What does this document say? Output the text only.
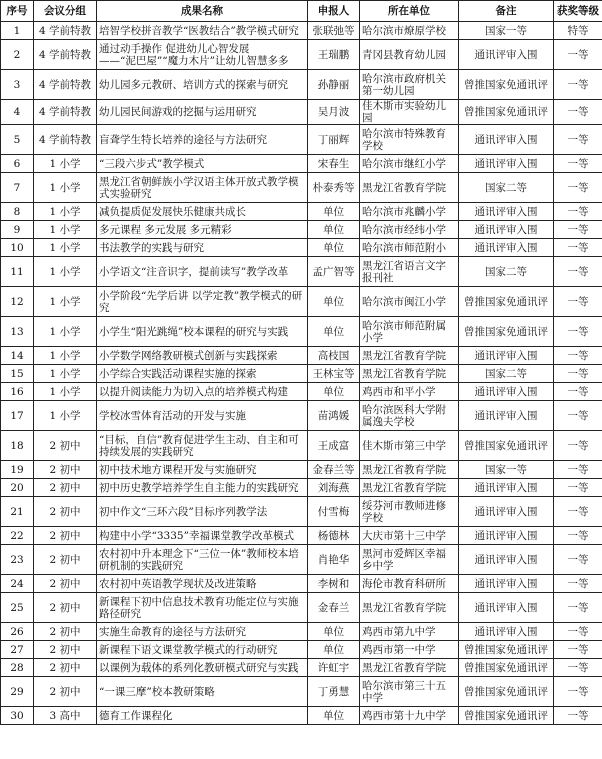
序号	会议分组	成果名称	申报人	所在单位	备注	获奖等级
1	4 学前特教	培智学校拼音教学“医教结合”教学模式研究	张联弛等	哈尔滨市燎原学校	国家一等	特等
2	4 学前特教	通过动手操作 促进幼儿心智发展
——“泥巴屋”“魔力木片”让幼儿智慧多多	王瑞鹏	青冈县教育幼儿园	通讯评审入围	一等
3	4 学前特教	幼儿园多元教研、培训方式的探索与研究	孙静丽	哈尔滨市政府机关第一幼儿园	曾推国家免通讯评	一等
4	4 学前特教	幼儿园民间游戏的挖掘与运用研究	吴月波	佳木斯市实验幼儿园	曾推国家免通讯评	一等
5	4 学前特教	盲聋学生特长培养的途径与方法研究	丁丽辉	哈尔滨市特殊教育学校	通讯评审入围	一等
6	1 小学	“三段六步式”教学模式	宋春生	哈尔滨市继红小学	通讯评审入围	一等
7	1 小学	黑龙江省朝鲜族小学汉语主体开放式教学模式实验研究	朴泰秀等	黑龙江省教育学院	国家二等	一等
8	1 小学	减负提质促发展快乐健康共成长	单位	哈尔滨市兆麟小学	通讯评审入围	一等
9	1 小学	多元课程 多元发展 多元精彩	单位	哈尔滨市经纬小学	通讯评审入围	一等
10	1 小学	书法教学的实践与研究	单位	哈尔滨市师范附小	通讯评审入围	一等
11	1 小学	小学语文“注音识字，提前读写”教学改革	孟广智等	黑龙江省语言文字报刊社	国家二等	一等
12	1 小学	小学阶段“先学后讲 以学定教”教学模式的研究	单位	哈尔滨市闽江小学	曾推国家免通讯评	一等
13	1 小学	小学生“阳光跳绳”校本课程的研究与实践	单位	哈尔滨市师范附属小学	曾推国家免通讯评	一等
14	1 小学	小学数学网络教研模式创新与实践探索	高枝国	黑龙江省教育学院	通讯评审入围	一等
15	1 小学	小学综合实践活动课程实施的探索	王林宝等	黑龙江省教育学院	国家二等	一等
16	1 小学	以提升阅读能力为切入点的培养模式构建	单位	鸡西市和平小学	通讯评审入围	一等
17	1 小学	学校冰雪体育活动的开发与实施	苗鸿媛	哈尔滨医科大学附属逸夫学校	通讯评审入围	一等
18	2 初中	“目标，自信”教育促进学生主动、自主和可持续发展的实践研究	王成富	佳木斯市第三中学	曾推国家免通讯评	一等
19	2 初中	初中技术地方课程开发与实施研究	金春兰等	黑龙江省教育学院	国家一等	一等
20	2 初中	初中历史教学培养学生自主能力的实践研究	刘海燕	黑龙江省教育学院	通讯评审入围	一等
21	2 初中	初中作文“三环六段”目标序列教学法	付雪梅	绥芬河市教师进修学校	通讯评审入围	一等
22	2 初中	构建中小学“3335”幸福课堂教学改革模式	杨德林	大庆市第十三中学	通讯评审入围	一等
23	2 初中	农村初中升本理念下“三位一体”教师校本培研机制的实践研究	肖艳华	黑河市爱辉区幸福乡中学	通讯评审入围	一等
24	2 初中	农村初中英语教学现状及改进策略	李树和	海伦市教育科研所	通讯评审入围	一等
25	2 初中	新课程下初中信息技术教育功能定位与实施路径研究	金春兰	黑龙江省教育学院	通讯评审入围	一等
26	2 初中	实施生命教育的途径与方法研究	单位	鸡西市第九中学	通讯评审入围	一等
27	2 初中	新课程下语文课堂教学模式的行动研究	单位	鸡西市第一中学	曾推国家免通讯评	一等
28	2 初中	以课例为载体的系列化教研模式研究与实践	许虹宇	黑龙江省教育学院	曾推国家免通讯评	一等
29	2 初中	“一课三摩”校本教研策略	丁勇慧	哈尔滨市第三十五中学	曾推国家免通讯评	一等
30	3 高中	德育工作课程化	单位	鸡西市第十九中学	曾推国家免通讯评	一等
